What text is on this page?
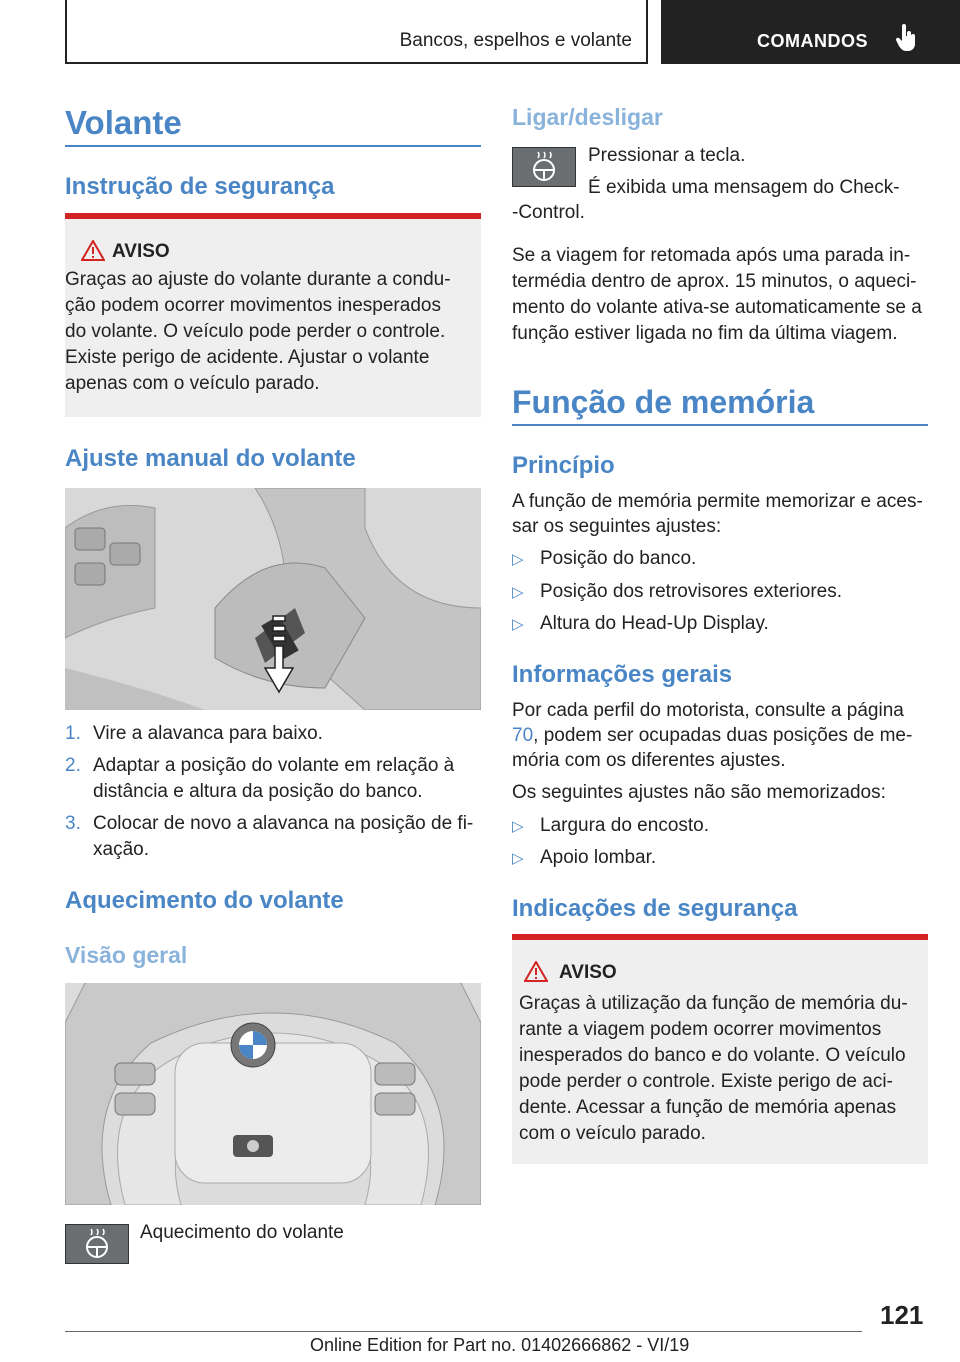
Bancos, espelhos e volante	COMANDOS
Volante
Instrução de segurança
AVISO
Graças ao ajuste do volante durante a condu-
ção podem ocorrer movimentos inesperados
do volante. O veículo pode perder o controle.
Existe perigo de acidente. Ajustar o volante
apenas com o veículo parado.
Ajuste manual do volante
1. Vire a alavanca para baixo.
2. Adaptar a posição do volante em relação à
distância e altura da posição do banco.
3. Colocar de novo a alavanca na posição de fi-
xação.
Aquecimento do volante
Visão geral
Aquecimento do volante
Ligar/desligar
Pressionar a tecla.
É exibida uma mensagem do Check-
-Control.
Se a viagem for retomada após uma parada in-
termédia dentro de aprox. 15 minutos, o aqueci-
mento do volante ativa-se automaticamente se a
função estiver ligada no fim da última viagem.
Função de memória
Princípio
A função de memória permite memorizar e aces-
sar os seguintes ajustes:
▷ Posição do banco.
▷ Posição dos retrovisores exteriores.
▷ Altura do Head-Up Display.
Informações gerais
Por cada perfil do motorista, consulte a página
70, podem ser ocupadas duas posições de me-
mória com os diferentes ajustes.
Os seguintes ajustes não são memorizados:
▷ Largura do encosto.
▷ Apoio lombar.
Indicações de segurança
AVISO
Graças à utilização da função de memória du-
rante a viagem podem ocorrer movimentos
inesperados do banco e do volante. O veículo
pode perder o controle. Existe perigo de aci-
dente. Acessar a função de memória apenas
com o veículo parado.
121
Online Edition for Part no. 01402666862 - VI/19
